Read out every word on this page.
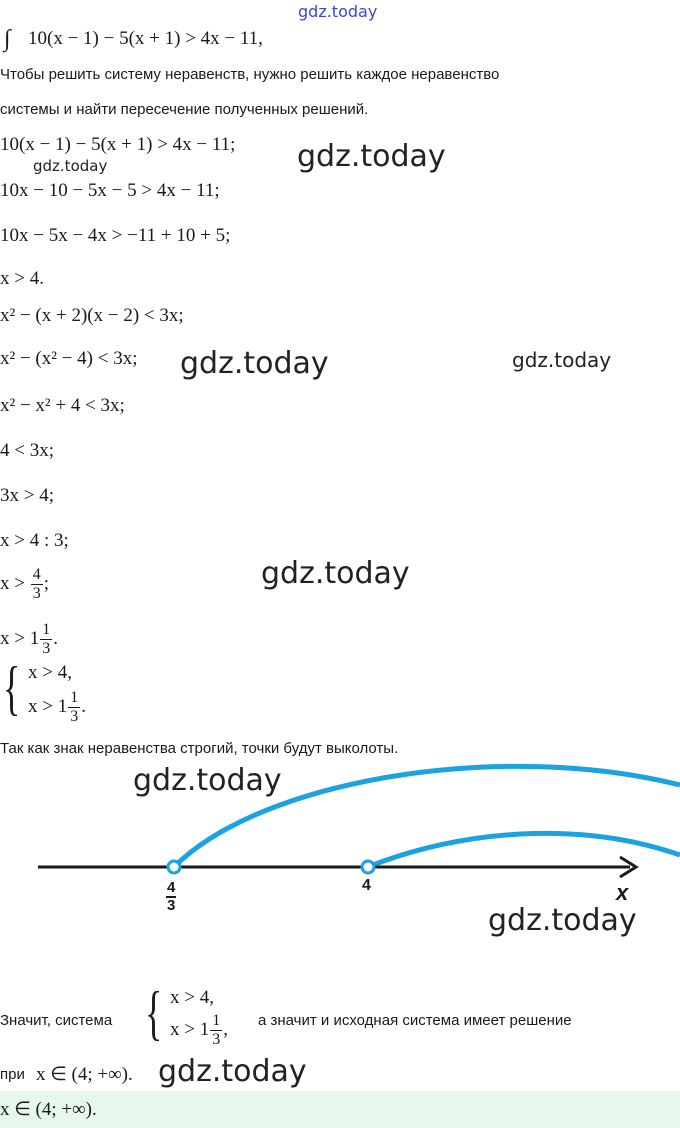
gdz.today
∫ 10(x − 1) − 5(x + 1) > 4x − 11,
Чтобы решить систему неравенств, нужно решить каждое неравенство
системы и найти пересечение полученных решений.
10(x − 1) − 5(x + 1) > 4x − 11; gdz.today
gdz.today
10x − 10 − 5x − 5 > 4x − 11;
10x − 5x − 4x > −11 + 10 + 5;
x > 4.
x² − (x + 2)(x − 2) < 3x;
x² − (x² − 4) < 3x; gdz.today	gdz.today
x² − x² + 4 < 3x;
4 < 3x;
3x > 4;
x > 4 : 3;
$x > \frac{4}{3}$ ;	gdz.today
$x > 1 \frac{1}{3}$ .
{ x > 4,
$x > 1 \frac{1}{3}$ .
Так как знак неравенства строгий, точки будут выколоты.
$\frac{4}{3}$	4	x
gdz.today
gdz.today
Значит, система { x > 4,
$x > 1 \frac{1}{3}$ , а значит и исходная система имеет решение
при x ∈ (4; +∞). gdz.today
x ∈ (4; +∞).
